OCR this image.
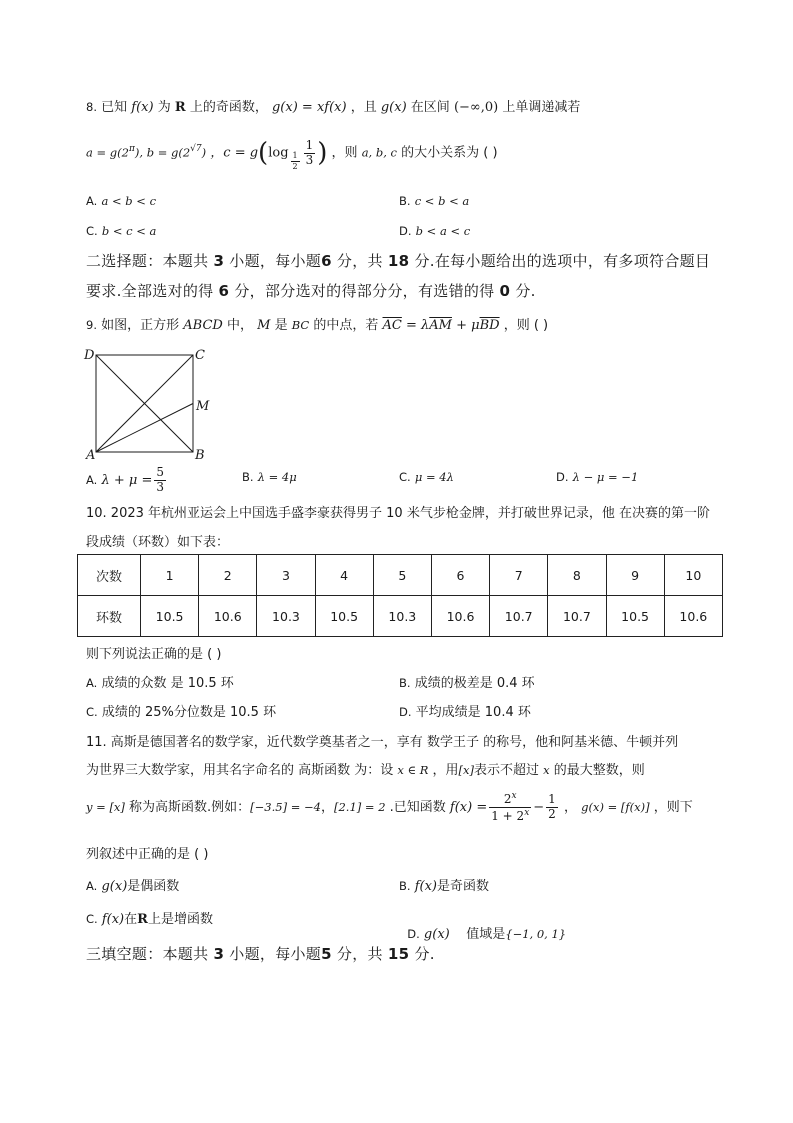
8. 已知 f(x) 为 R 上的奇函数， g(x) = xf(x) ，且 g(x) 在区间 (−∞,0) 上单调递减若
$a = g(2^\pi)$, $b = g(2^{√7})$ ，$c = g(\log \frac{1}{2} \frac{1}{3}$ ) ，则 a, b, c 的大小关系为 ( )
A. a < b < c	B. c < b < a
C. b < c < a	D. b < a < c
二选择题：本题共 3 小题，每小题6 分，共 18 分.在每小题给出的选项中，有多项符合题目
要求.全部选对的得 6 分，部分选对的得部分分，有选错的得 0 分.
9. 如图，正方形 ABCD 中， M 是 BC 的中点，若 $\overline{AC} = \lambda\overline{AM} + \mu\overline{BD}$ ，则 ( )
D	C
M
A	B
A. $\lambda + \mu = \frac{5}{3}$	B. λ = 4μ	C. μ = 4λ	D. λ − μ = −1
10. 2023 年杭州亚运会上中国选手盛李豪获得男子 10 米气步枪金牌，并打破世界记录，他 在决赛的第一阶
段成绩（环数）如下表：
次数	1	2	3	4	5	6	7	8	9	10
环数	10.5	10.6	10.3	10.5	10.3	10.6	10.7	10.7	10.5	10.6
则下列说法正确的是 ( )
A. 成绩的众数 是 10.5 环	B. 成绩的极差是 0.4 环
C. 成绩的 25%分位数是 10.5 环	D. 平均成绩是 10.4 环
11. 高斯是德国著名的数学家，近代数学奠基者之一，享有 数学王子 的称号，他和阿基米德、牛顿并列
为世界三大数学家，用其名字命名的 高斯函数 为：设 x ∈ R ，用[x]表示不超过 x 的最大整数，则
y = [x] 称为高斯函数.例如：[−3.5] = −4，[2.1] = 2 .已知函数 $f(x) = \frac{2^x}{1 + 2^x} - \frac{1}{2}$ ， g(x) = [f(x)] ，则下
列叙述中正确的是 ( )
A. g(x)是偶函数	B. f(x)是奇函数
C. f(x)在R上是增函数

D. g(x)    值域是{−1, 0, 1}

三填空题：本题共 3 小题，每小题5 分，共 15 分.
